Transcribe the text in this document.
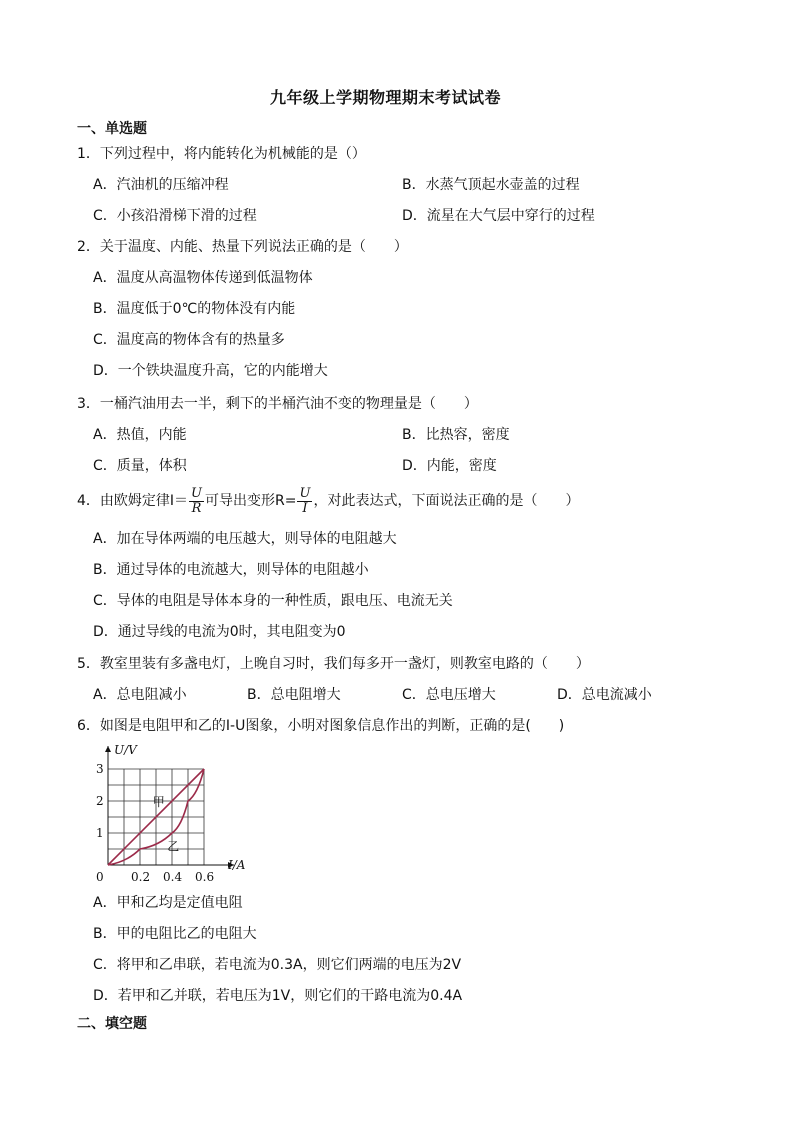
九年级上学期物理期末考试试卷
一、单选题
1．下列过程中，将内能转化为机械能的是（）
A．汽油机的压缩冲程	B．水蒸气顶起水壶盖的过程
C．小孩沿滑梯下滑的过程	D．流星在大气层中穿行的过程
2．关于温度、内能、热量下列说法正确的是（　　）
A．温度从高温物体传递到低温物体
B．温度低于0℃的物体没有内能
C．温度高的物体含有的热量多
D．一个铁块温度升高，它的内能增大
3．一桶汽油用去一半，剩下的半桶汽油不变的物理量是（　　）
A．热值，内能	B．比热容，密度
C．质量，体积	D．内能，密度
4．由欧姆定律$I= \frac{U}{R}$ 可导出变形$R= \frac{U}{I}$ ，对此表达式，下面说法正确的是（　　）
A．加在导体两端的电压越大，则导体的电阻越大
B．通过导体的电流越大，则导体的电阻越小
C．导体的电阻是导体本身的一种性质，跟电压、电流无关
D．通过导线的电流为0时，其电阻变为0
5．教室里装有多盏电灯，上晚自习时，我们每多开一盏灯，则教室电路的（　　）
A．总电阻减小	B．总电阻增大	C．总电压增大	D．总电流减小
6．如图是电阻甲和乙的I-U图象，小明对图象信息作出的判断，正确的是(　　)
甲
乙
0.2 0.4 0.6
1
2
3
0
U/V
I/A
A．甲和乙均是定值电阻
B．甲的电阻比乙的电阻大
C．将甲和乙串联，若电流为0.3A，则它们两端的电压为2V
D．若甲和乙并联，若电压为1V，则它们的干路电流为0.4A
二、填空题
